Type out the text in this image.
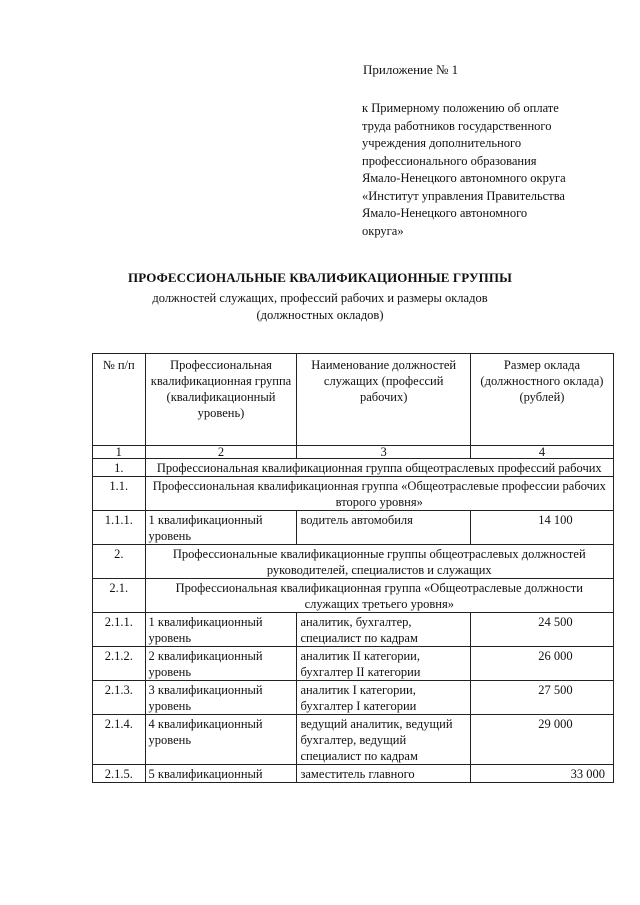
Приложение № 1
к Примерному положению об оплате
труда работников государственного
учреждения дополнительного
профессионального образования
Ямало-Ненецкого автономного округа
«Институт управления Правительства
Ямало-Ненецкого автономного
округа»
ПРОФЕССИОНАЛЬНЫЕ КВАЛИФИКАЦИОННЫЕ ГРУППЫ
должностей служащих, профессий рабочих и размеры окладов
(должностных окладов)
№ п/п	Профессиональная квалификационная группа (квалификационный уровень)	Наименование должностей служащих (профессий рабочих)	Размер оклада (должностного оклада) (рублей)
1	2	3	4
1.	Профессиональная квалификационная группа общеотраслевых профессий рабочих		
1.1.	Профессиональная квалификационная группа «Общеотраслевые профессии рабочих второго уровня»		
1.1.1.	1 квалификационный уровень	водитель автомобиля	14 100
2.	Профессиональные квалификационные группы общеотраслевых должностей руководителей, специалистов и служащих		
2.1.	Профессиональная квалификационная группа «Общеотраслевые должности служащих третьего уровня»		
2.1.1.	1 квалификационный уровень	аналитик, бухгалтер, специалист по кадрам	24 500
2.1.2.	2 квалификационный уровень	аналитик II категории, бухгалтер II категории	26 000
2.1.3.	3 квалификационный уровень	аналитик I категории, бухгалтер I категории	27 500
2.1.4.	4 квалификационный уровень	ведущий аналитик, ведущий бухгалтер, ведущий специалист по кадрам	29 000
2.1.5.	5 квалификационный	заместитель главного	33 000
